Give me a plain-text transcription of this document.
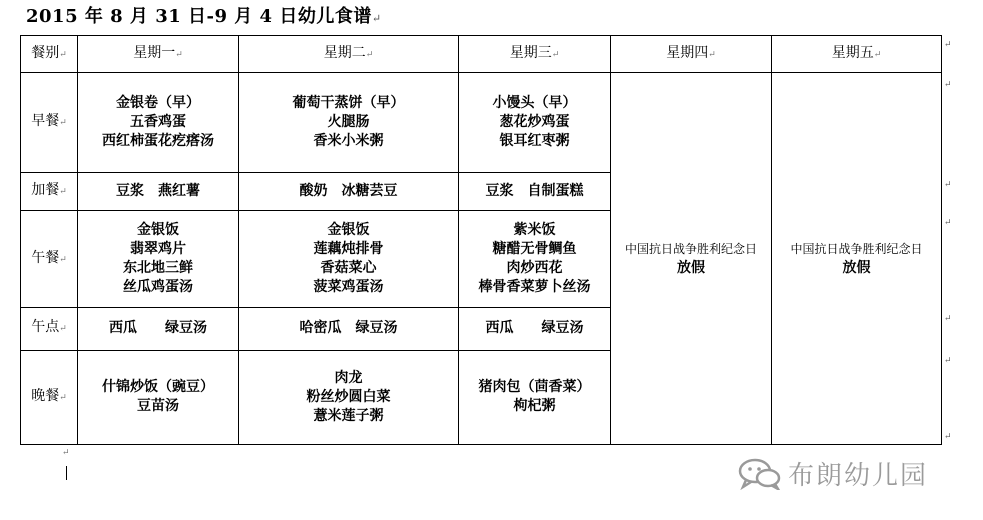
2015 年 8 月 31 日-9 月 4 日幼儿食谱↵
餐别↵	星期一↵	星期二↵	星期三↵	星期四↵	星期五↵
早餐↵	金银卷（早）
五香鸡蛋
西红柿蛋花疙瘩汤	葡萄干蒸饼（早）
火腿肠
香米小米粥	小馒头（早）
葱花炒鸡蛋
银耳红枣粥	中国抗日战争胜利纪念日
放假	中国抗日战争胜利纪念日
放假

加餐↵	豆浆　燕红薯	酸奶　冰糖芸豆	豆浆　自制蛋糕		

午餐↵	金银饭
翡翠鸡片
东北地三鲜
丝瓜鸡蛋汤	金银饭
莲藕炖排骨
香菇菜心
菠菜鸡蛋汤	紫米饭
糖醋无骨鲷鱼
肉炒西花
棒骨香菜萝卜丝汤		

午点↵	西瓜　　绿豆汤	哈密瓜　绿豆汤	西瓜　　绿豆汤		

晚餐↵	什锦炒饭（豌豆）
豆苗汤	肉龙
粉丝炒圆白菜
薏米莲子粥	猪肉包（茴香菜）
枸杞粥		
↵
↵
↵
↵
↵
↵
↵
↵
布朗幼儿园
